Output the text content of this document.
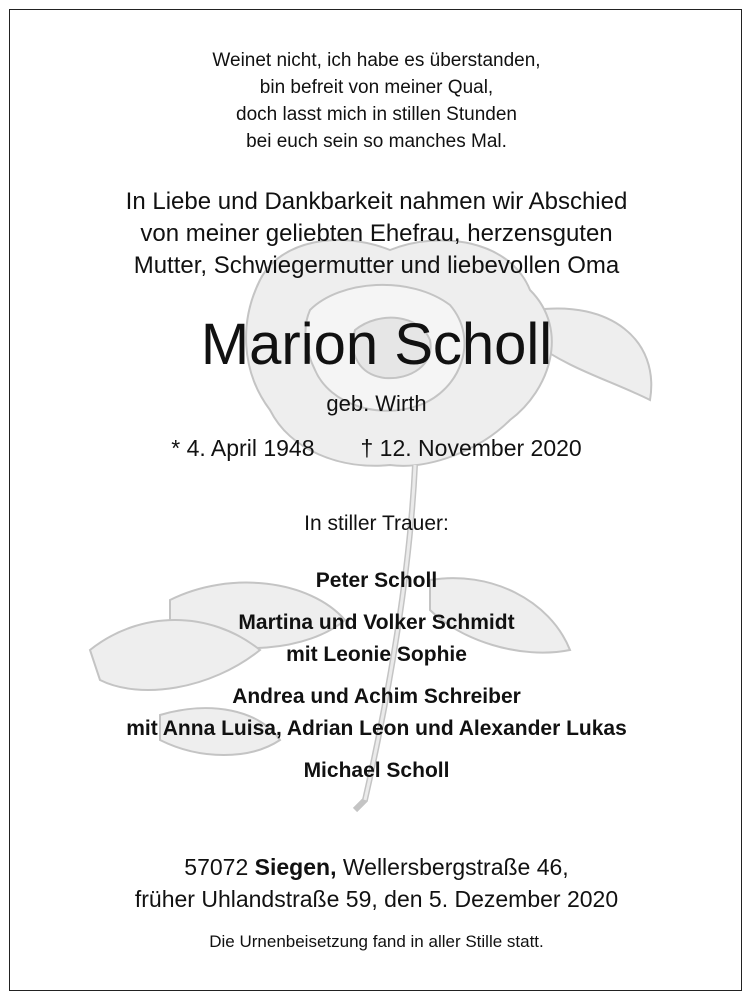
Weinet nicht, ich habe es überstanden,
bin befreit von meiner Qual,
doch lasst mich in stillen Stunden
bei euch sein so manches Mal.
In Liebe und Dankbarkeit nahmen wir Abschied
von meiner geliebten Ehefrau, herzensguten
Mutter, Schwiegermutter und liebevollen Oma
Marion Scholl
geb. Wirth
* 4. April 1948 † 12. November 2020
In stiller Trauer:
Peter Scholl
Martina und Volker Schmidt
mit Leonie Sophie
Andrea und Achim Schreiber
mit Anna Luisa, Adrian Leon und Alexander Lukas
Michael Scholl
57072 Siegen, Wellersbergstraße 46,
früher Uhlandstraße 59, den 5. Dezember 2020
Die Urnenbeisetzung fand in aller Stille statt.
